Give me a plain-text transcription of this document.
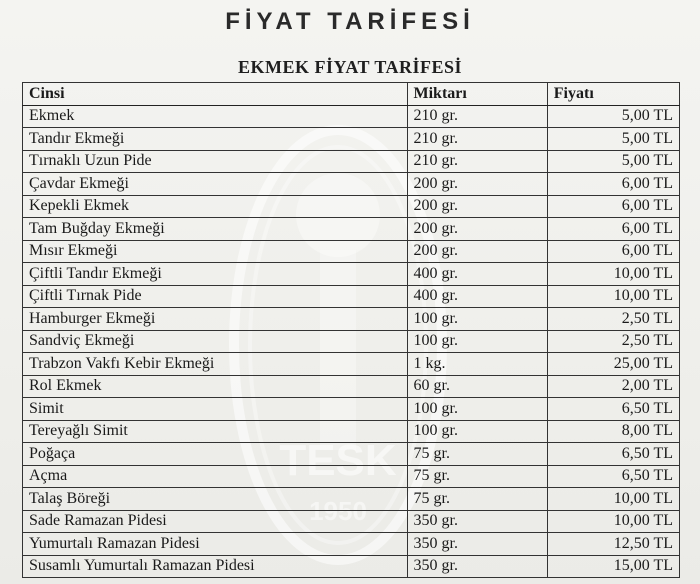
FİYAT TARİFESİ
EKMEK FİYAT TARİFESİ
TESK
1950
Cinsi	Miktarı	Fiyatı
Ekmek	210 gr.	5,00 TL
Tandır Ekmeği	210 gr.	5,00 TL
Tırnaklı Uzun Pide	210 gr.	5,00 TL
Çavdar Ekmeği	200 gr.	6,00 TL
Kepekli Ekmek	200 gr.	6,00 TL
Tam Buğday Ekmeği	200 gr.	6,00 TL
Mısır Ekmeği	200 gr.	6,00 TL
Çiftli Tandır Ekmeği	400 gr.	10,00 TL
Çiftli Tırnak Pide	400 gr.	10,00 TL
Hamburger Ekmeği	100 gr.	2,50 TL
Sandviç Ekmeği	100 gr.	2,50 TL
Trabzon Vakfı Kebir Ekmeği	1 kg.	25,00 TL
Rol Ekmek	60 gr.	2,00 TL
Simit	100 gr.	6,50 TL
Tereyağlı Simit	100 gr.	8,00 TL
Poğaça	75 gr.	6,50 TL
Açma	75 gr.	6,50 TL
Talaş Böreği	75 gr.	10,00 TL
Sade Ramazan Pidesi	350 gr.	10,00 TL
Yumurtalı Ramazan Pidesi	350 gr.	12,50 TL
Susamlı Yumurtalı Ramazan Pidesi	350 gr.	15,00 TL
